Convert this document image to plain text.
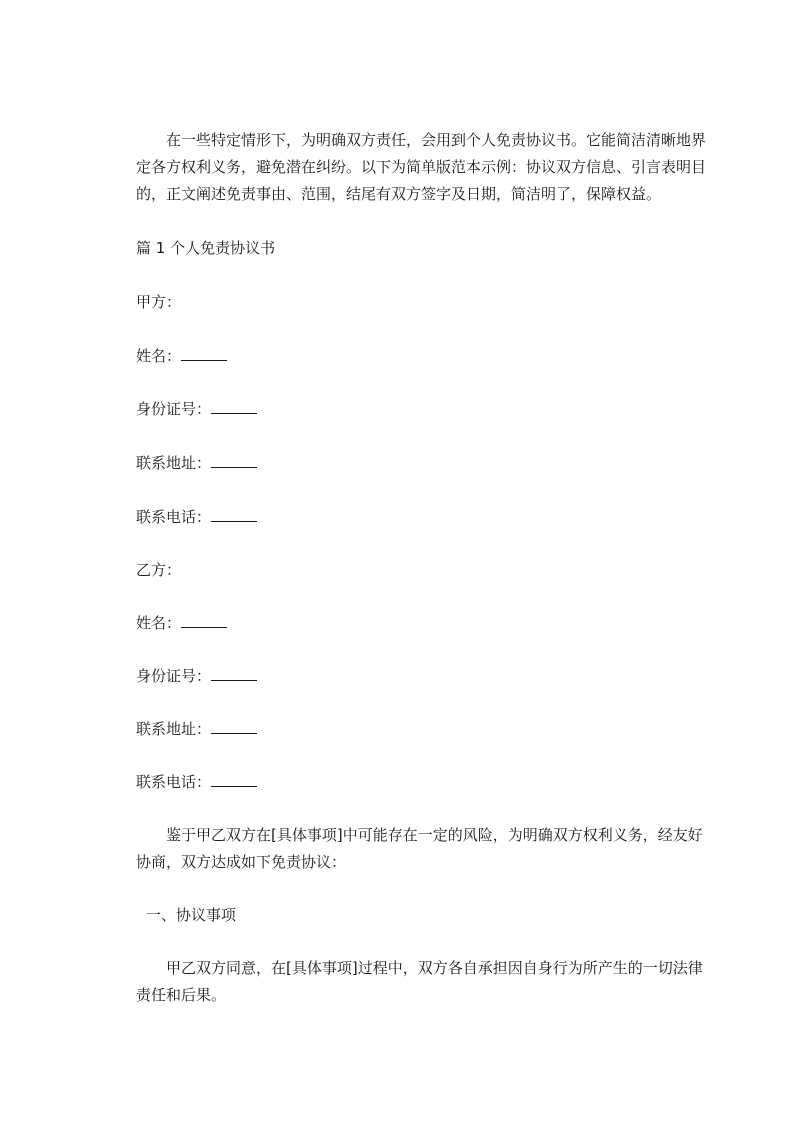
在一些特定情形下，为明确双方责任，会用到个人免责协议书。它能简洁清晰地界定各方权利义务，避免潜在纠纷。以下为简单版范本示例：协议双方信息、引言表明目的，正文阐述免责事由、范围，结尾有双方签字及日期，简洁明了，保障权益。

篇 1 个人免责协议书

甲方：

姓名：

身份证号：

联系地址：

联系电话：

乙方：

姓名：

身份证号：

联系地址：

联系电话：

鉴于甲乙双方在[具体事项]中可能存在一定的风险，为明确双方权利义务，经友好协商，双方达成如下免责协议：

一、协议事项

甲乙双方同意，在[具体事项]过程中，双方各自承担因自身行为所产生的一切法律责任和后果。
